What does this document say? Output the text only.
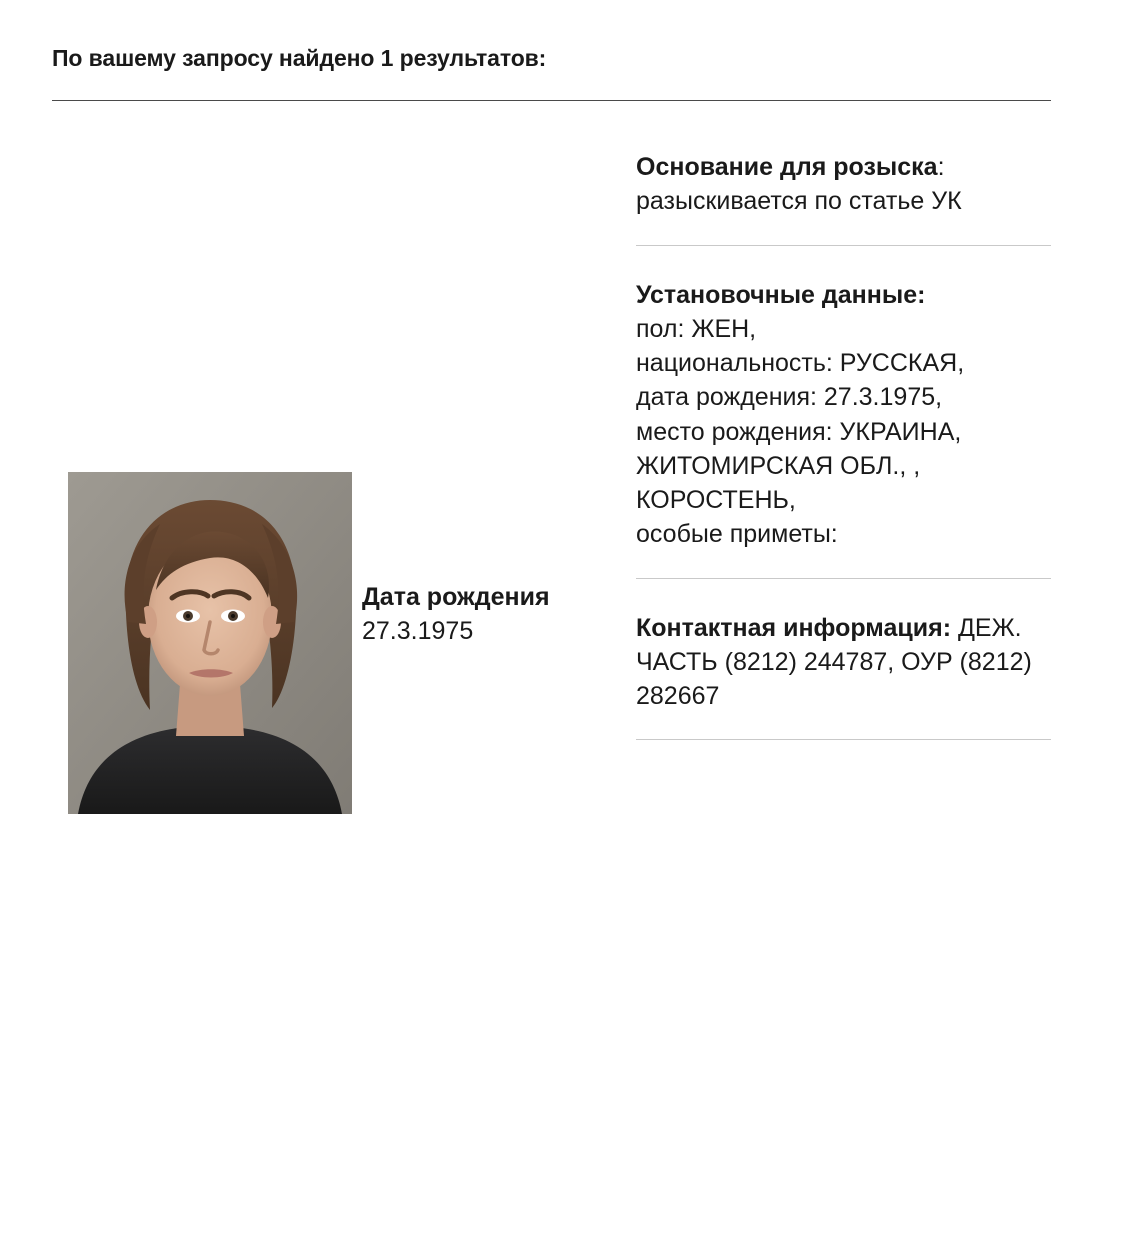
По вашему запросу найдено 1 результатов:
Дата рождения
27.3.1975
Основание для розыска: разыскивается по статье УК
Установочные данные:
пол: ЖЕН,
национальность: РУССКАЯ,
дата рождения: 27.3.1975,
место рождения: УКРАИНА, ЖИТОМИРСКАЯ ОБЛ., , КОРОСТЕНЬ,
особые приметы:
Контактная информация: ДЕЖ. ЧАСТЬ (8212) 244787, ОУР (8212) 282667
